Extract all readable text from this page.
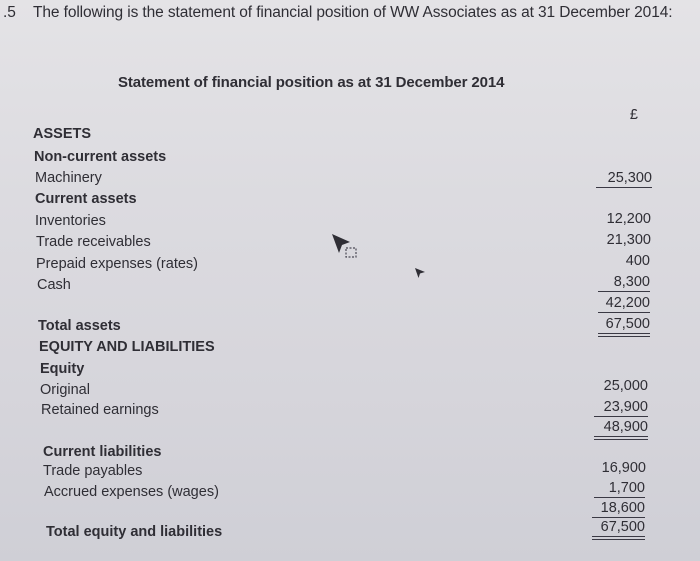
.5 The following is the statement of financial position of WW Associates as at 31 December 2014:
Statement of financial position as at 31 December 2014
£
ASSETS
Non-current assets
Machinery	25,300
Current assets
Inventories	12,200
Trade receivables	21,300
Prepaid expenses (rates)	400
Cash	8,300
42,200
Total assets	67,500
EQUITY AND LIABILITIES
Equity
Original	25,000
Retained earnings	23,900
48,900
Current liabilities
Trade payables	16,900
Accrued expenses (wages)	1,700
18,600
Total equity and liabilities	67,500
